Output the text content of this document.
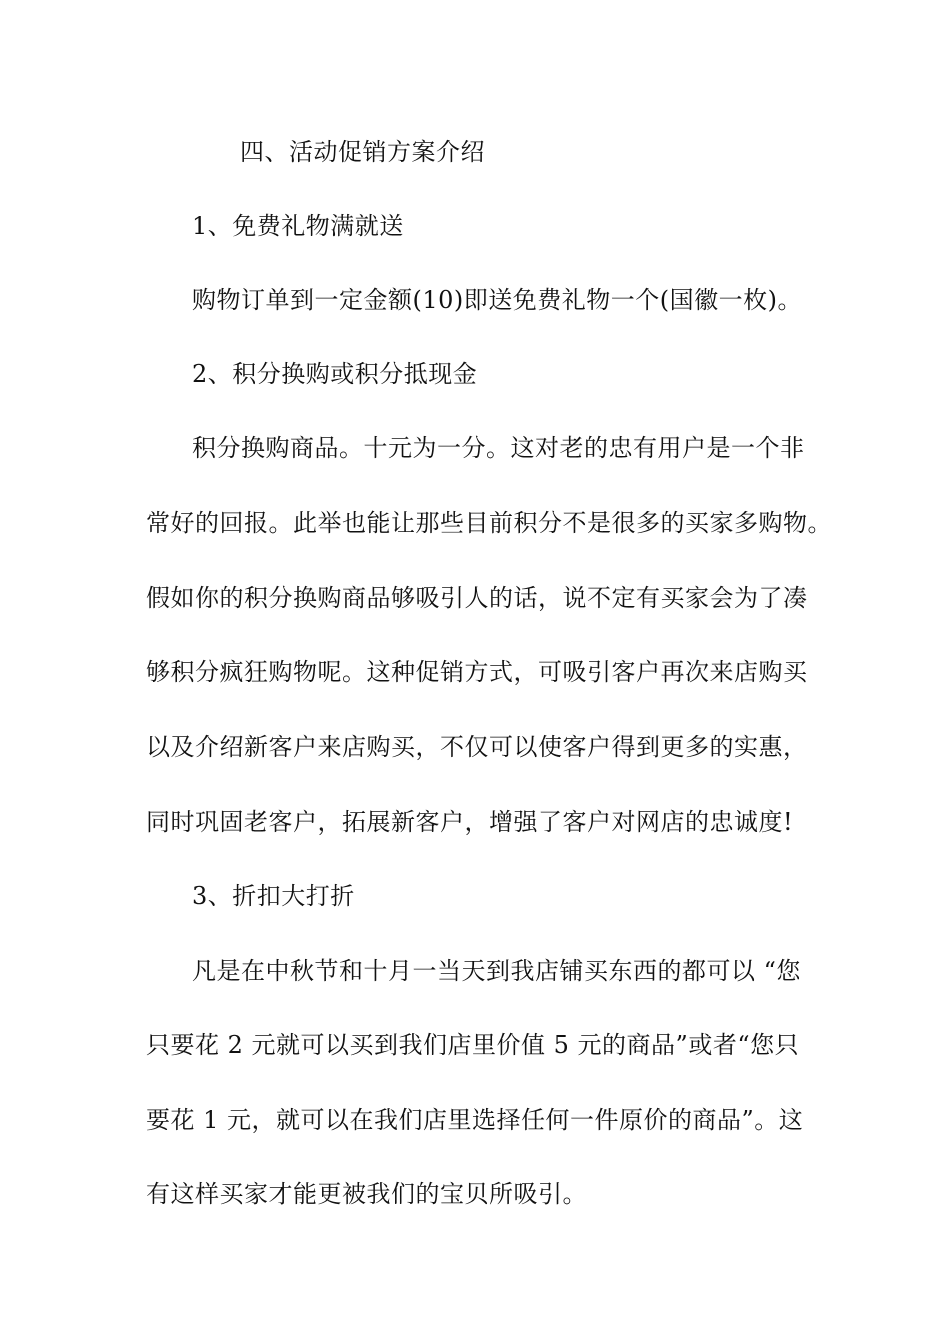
四、活动促销方案介绍
1、免费礼物满就送
购物订单到一定金额(10)即送免费礼物一个(国徽一枚)。
2、积分换购或积分抵现金
积分换购商品。十元为一分。这对老的忠有用户是一个非
常好的回报。此举也能让那些目前积分不是很多的买家多购物。
假如你的积分换购商品够吸引人的话，说不定有买家会为了凑
够积分疯狂购物呢。这种促销方式，可吸引客户再次来店购买
以及介绍新客户来店购买，不仅可以使客户得到更多的实惠，
同时巩固老客户，拓展新客户，增强了客户对网店的忠诚度!
3、折扣大打折
凡是在中秋节和十月一当天到我店铺买东西的都可以 “您
只要花 2 元就可以买到我们店里价值 5 元的商品”或者“您只
要花 1 元，就可以在我们店里选择任何一件原价的商品”。这
有这样买家才能更被我们的宝贝所吸引。
